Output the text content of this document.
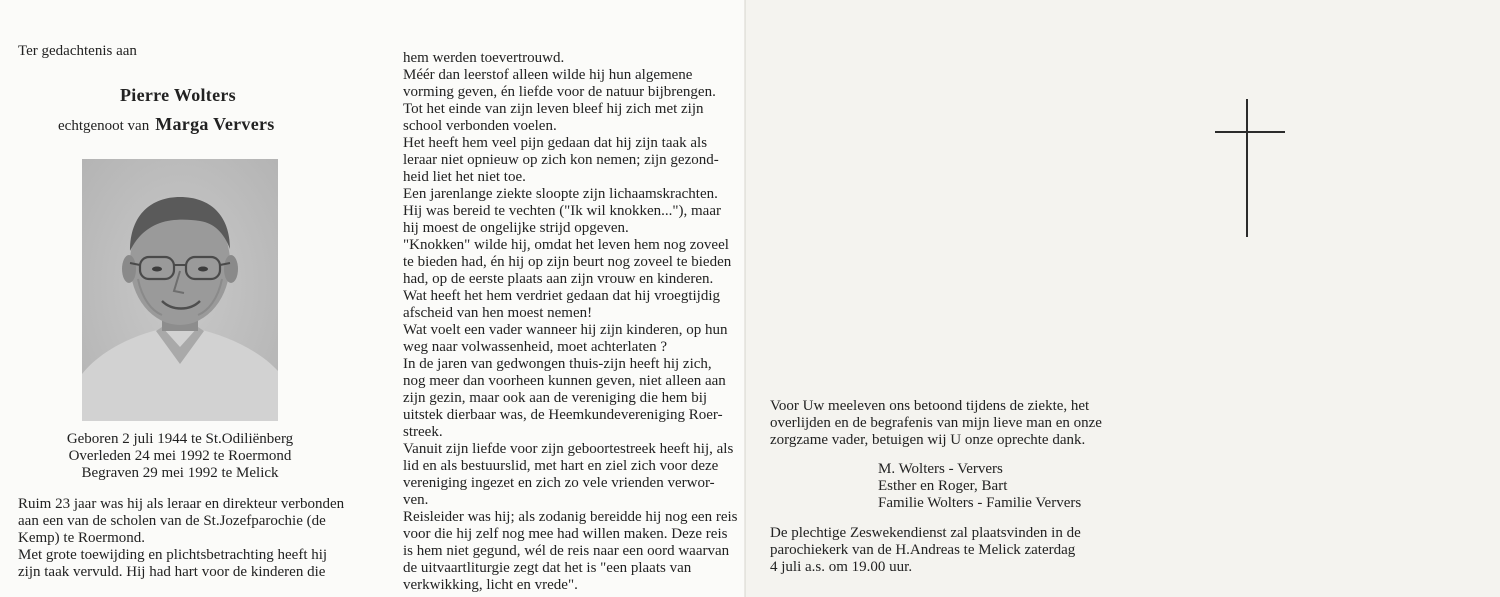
Ter gedachtenis aan
Pierre Wolters
echtgenoot van Marga Ververs
Geboren 2 juli 1944 te St.Odiliënberg
Overleden 24 mei 1992 te Roermond
Begraven 29 mei 1992 te Melick
Ruim 23 jaar was hij als leraar en direkteur verbonden
aan een van de scholen van de St.Jozefparochie (de
Kemp) te Roermond.
Met grote toewijding en plichtsbetrachting heeft hij
zijn taak vervuld. Hij had hart voor de kinderen die
hem werden toevertrouwd.
Méér dan leerstof alleen wilde hij hun algemene
vorming geven, én liefde voor de natuur bijbrengen.
Tot het einde van zijn leven bleef hij zich met zijn
school verbonden voelen.
Het heeft hem veel pijn gedaan dat hij zijn taak als
leraar niet opnieuw op zich kon nemen; zijn gezond-
heid liet het niet toe.
Een jarenlange ziekte sloopte zijn lichaamskrachten.
Hij was bereid te vechten ("Ik wil knokken..."), maar
hij moest de ongelijke strijd opgeven.
"Knokken" wilde hij, omdat het leven hem nog zoveel
te bieden had, én hij op zijn beurt nog zoveel te bieden
had, op de eerste plaats aan zijn vrouw en kinderen.
Wat heeft het hem verdriet gedaan dat hij vroegtijdig
afscheid van hen moest nemen!
Wat voelt een vader wanneer hij zijn kinderen, op hun
weg naar volwassenheid, moet achterlaten ?
In de jaren van gedwongen thuis-zijn heeft hij zich,
nog meer dan voorheen kunnen geven, niet alleen aan
zijn gezin, maar ook aan de vereniging die hem bij
uitstek dierbaar was, de Heemkundevereniging Roer-
streek.
Vanuit zijn liefde voor zijn geboortestreek heeft hij, als
lid en als bestuurslid, met hart en ziel zich voor deze
vereniging ingezet en zich zo vele vrienden verwor-
ven.
Reisleider was hij; als zodanig bereidde hij nog een reis
voor die hij zelf nog mee had willen maken. Deze reis
is hem niet gegund, wél de reis naar een oord waarvan
de uitvaartliturgie zegt dat het is "een plaats van
verkwikking, licht en vrede".
Voor Uw meeleven ons betoond tijdens de ziekte, het
overlijden en de begrafenis van mijn lieve man en onze
zorgzame vader, betuigen wij U onze oprechte dank.
M. Wolters - Ververs
Esther en Roger, Bart
Familie Wolters - Familie Ververs
De plechtige Zeswekendienst zal plaatsvinden in de
parochiekerk van de H.Andreas te Melick zaterdag
4 juli a.s. om 19.00 uur.
